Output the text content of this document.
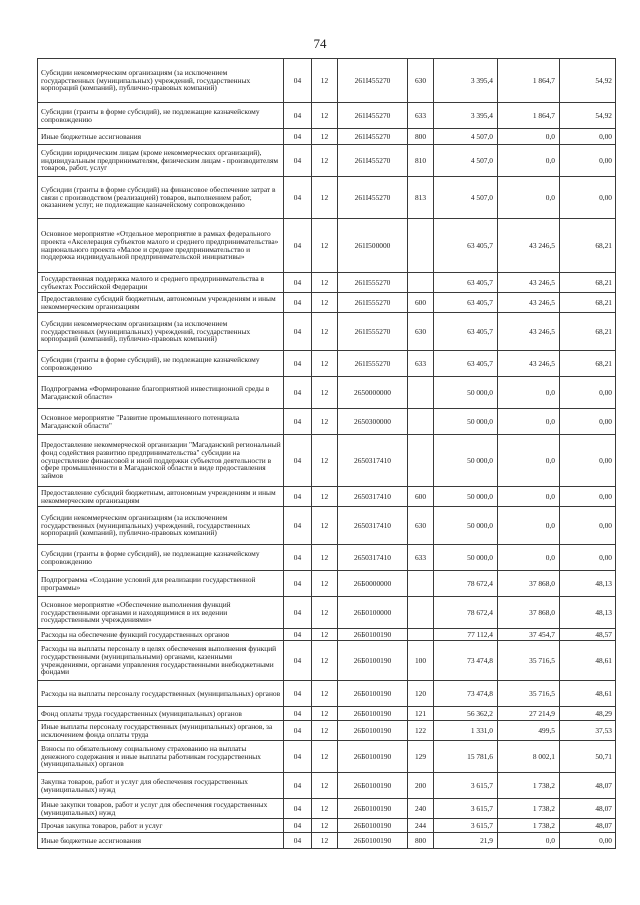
74
Субсидии некоммерческим организациям (за исключением государственных (муниципальных) учреждений, государственных корпораций (компаний), публично-правовых компаний)	04	12	261I455270	630	3 395,4	1 864,7	54,92
Субсидии (гранты в форме субсидий), не подлежащие казначейскому сопровождению	04	12	261I455270	633	3 395,4	1 864,7	54,92
Иные бюджетные ассигнования	04	12	261I455270	800	4 507,0	0,0	0,00
Субсидии юридическим лицам (кроме некоммерческих организаций), индивидуальным предпринимателям, физическим лицам - производителям товаров, работ, услуг	04	12	261I455270	810	4 507,0	0,0	0,00
Субсидии (гранты в форме субсидий) на финансовое обеспечение затрат в связи с производством (реализацией) товаров, выполнением работ, оказанием услуг, не подлежащие казначейскому сопровождению	04	12	261I455270	813	4 507,0	0,0	0,00
Основное мероприятие «Отдельное мероприятие в рамках федерального проекта «Акселерация субъектов малого и среднего предпринимательства» национального проекта «Малое и среднее предпринимательство и поддержка индивидуальной предпринимательской инициативы»	04	12	261I500000		63 405,7	43 246,5	68,21
Государственная поддержка малого и среднего предпринимательства в субъектах Российской Федерации	04	12	261I555270		63 405,7	43 246,5	68,21
Предоставление субсидий бюджетным, автономным учреждениям и иным некоммерческим организациям	04	12	261I555270	600	63 405,7	43 246,5	68,21
Субсидии некоммерческим организациям (за исключением государственных (муниципальных) учреждений, государственных корпораций (компаний), публично-правовых компаний)	04	12	261I555270	630	63 405,7	43 246,5	68,21
Субсидии (гранты в форме субсидий), не подлежащие казначейскому сопровождению	04	12	261I555270	633	63 405,7	43 246,5	68,21
Подпрограмма «Формирование благоприятной инвестиционной среды в Магаданской области»	04	12	2650000000		50 000,0	0,0	0,00
Основное мероприятие "Развитие промышленного потенциала Магаданской области"	04	12	2650300000		50 000,0	0,0	0,00
Предоставление некоммерческой организации "Магаданский региональный фонд содействия развитию предпринимательства" субсидии на осуществление финансовой и иной поддержки субъектов деятельности в сфере промышленности в Магаданской области в виде предоставления займов	04	12	2650317410		50 000,0	0,0	0,00
Предоставление субсидий бюджетным, автономным учреждениям и иным некоммерческим организациям	04	12	2650317410	600	50 000,0	0,0	0,00
Субсидии некоммерческим организациям (за исключением государственных (муниципальных) учреждений, государственных корпораций (компаний), публично-правовых компаний)	04	12	2650317410	630	50 000,0	0,0	0,00
Субсидии (гранты в форме субсидий), не подлежащие казначейскому сопровождению	04	12	2650317410	633	50 000,0	0,0	0,00
Подпрограмма «Создание условий для реализации государственной программы»	04	12	26Б0000000		78 672,4	37 868,0	48,13
Основное мероприятие «Обеспечение выполнения функций государственными органами и находящимися в их ведении государственными учреждениями»	04	12	26Б0100000		78 672,4	37 868,0	48,13
Расходы на обеспечение функций государственных органов	04	12	26Б0100190		77 112,4	37 454,7	48,57
Расходы на выплаты персоналу в целях обеспечения выполнения функций государственными (муниципальными) органами, казенными учреждениями, органами управления государственными внебюджетными фондами	04	12	26Б0100190	100	73 474,8	35 716,5	48,61
Расходы на выплаты персоналу государственных (муниципальных) органов	04	12	26Б0100190	120	73 474,8	35 716,5	48,61
Фонд оплаты труда государственных (муниципальных) органов	04	12	26Б0100190	121	56 362,2	27 214,9	48,29
Иные выплаты персоналу государственных (муниципальных) органов, за исключением фонда оплаты труда	04	12	26Б0100190	122	1 331,0	499,5	37,53
Взносы по обязательному социальному страхованию на выплаты денежного содержания и иные выплаты работникам государственных (муниципальных) органов	04	12	26Б0100190	129	15 781,6	8 002,1	50,71
Закупка товаров, работ и услуг для обеспечения государственных (муниципальных) нужд	04	12	26Б0100190	200	3 615,7	1 738,2	48,07
Иные закупки товаров, работ и услуг для обеспечения государственных (муниципальных) нужд	04	12	26Б0100190	240	3 615,7	1 738,2	48,07
Прочая закупка товаров, работ и услуг	04	12	26Б0100190	244	3 615,7	1 738,2	48,07
Иные бюджетные ассигнования	04	12	26Б0100190	800	21,9	0,0	0,00
